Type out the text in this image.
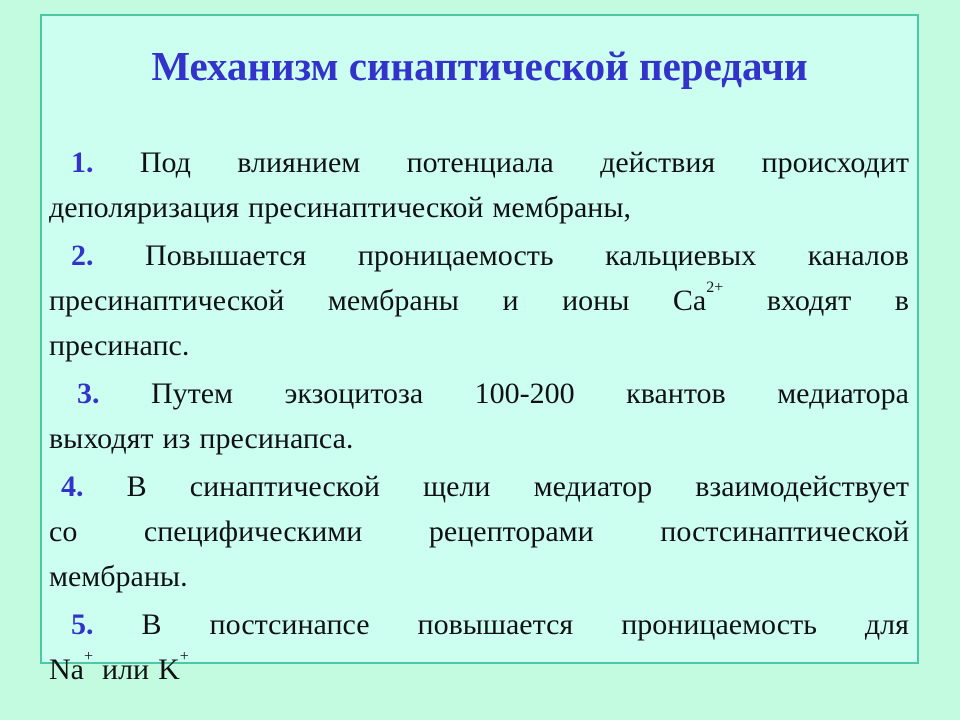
Механизм синаптической передачи
1. Под влиянием потенциала действия происходит
деполяризация пресинаптической мембраны,
2. Повышается проницаемость кальциевых каналов
пресинаптической мембраны и ионы $Ca^{2+}$ входят в
пресинапс.
3. Путем экзоцитоза 100-200 квантов медиатора
выходят из пресинапса.
4. В синаптической щели медиатор взаимодействует
со специфическими рецепторами постсинаптической
мембраны.
5. В постсинапсе повышается проницаемость для
Na+ или K+
